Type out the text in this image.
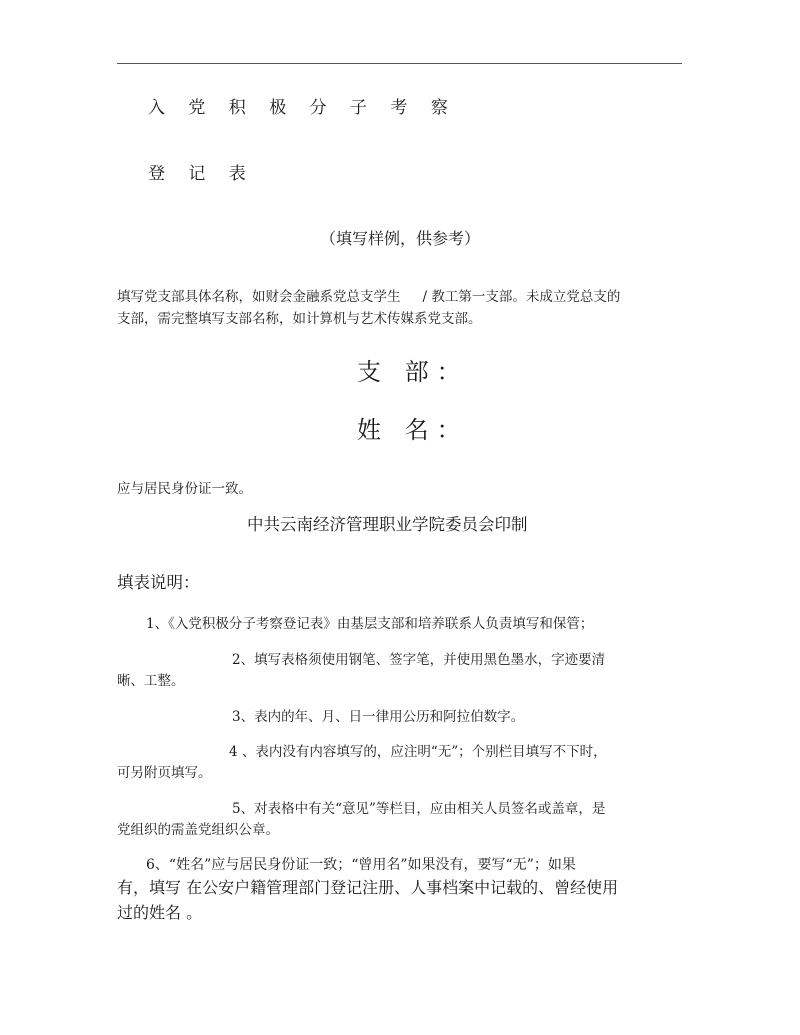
入 党 积 极 分 子 考 察

登 记 表

（填写样例，供参考）

填写党支部具体名称，如财会金融系党总支学生 / 教工第一支部。未成立党总支的

支部，需完整填写支部名称，如计算机与艺术传媒系党支部。

支 部：

姓 名：

应与居民身份证一致。

中共云南经济管理职业学院委员会印制

填表说明：

1、《入党积极分子考察登记表》由基层支部和培养联系人负责填写和保管；

2、填写表格须使用钢笔、签字笔，并使用黑色墨水，字迹要清

晰、工整。

3、表内的年、月、日一律用公历和阿拉伯数字。

4 、表内没有内容填写的，应注明“无”；个别栏目填写不下时，

可另附页填写。

5、对表格中有关“意见”等栏目，应由相关人员签名或盖章，是

党组织的需盖党组织公章。

6、“姓名”应与居民身份证一致；“曾用名”如果没有，要写“无”；如果

有，填写 在公安户籍管理部门登记注册、人事档案中记载的、曾经使用

过的姓名 。
